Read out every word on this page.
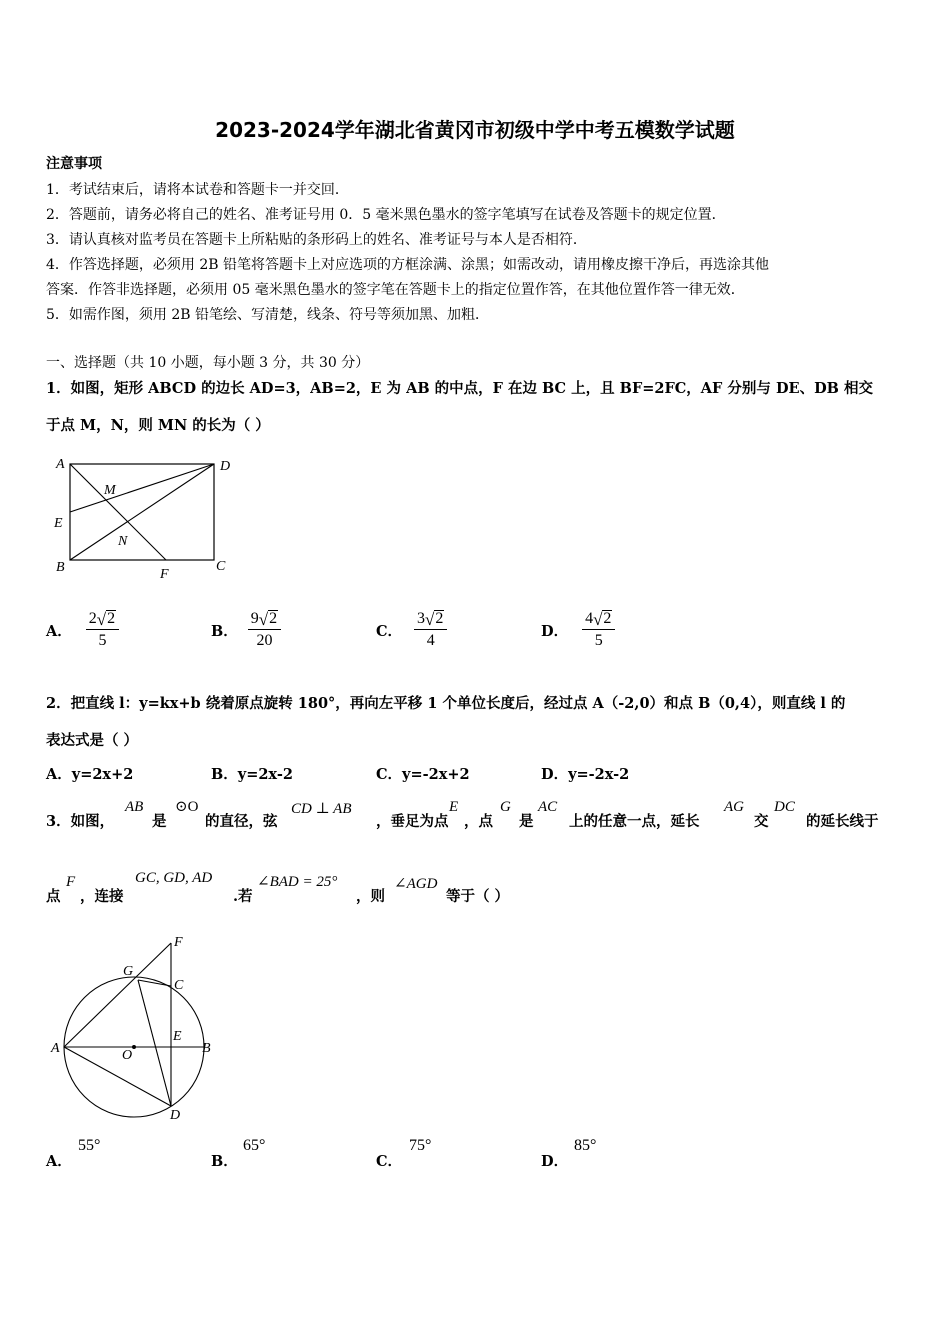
2023-2024学年湖北省黄冈市初级中学中考五模数学试题
注意事项
1．考试结束后，请将本试卷和答题卡一并交回．
2．答题前，请务必将自己的姓名、准考证号用 0．5 毫米黑色墨水的签字笔填写在试卷及答题卡的规定位置．
3．请认真核对监考员在答题卡上所粘贴的条形码上的姓名、准考证号与本人是否相符．
4．作答选择题，必须用 2B 铅笔将答题卡上对应选项的方框涂满、涂黑；如需改动，请用橡皮擦干净后，再选涂其他
答案．作答非选择题，必须用 05 毫米黑色墨水的签字笔在答题卡上的指定位置作答，在其他位置作答一律无效．
5．如需作图，须用 2B 铅笔绘、写清楚，线条、符号等须加黑、加粗．
一、选择题（共 10 小题，每小题 3 分，共 30 分）
1．如图，矩形 ABCD 的边长 AD=3，AB=2，E 为 AB 的中点，F 在边 BC 上，且 BF=2FC，AF 分别与 DE、DB 相交
于点 M，N，则 MN 的长为（ ）
A	D
M
E
N
B	F
C
A． $\frac{2 √ 2}{5}$	B． $\frac{9 √ 2}{20}$	C． $\frac{3 √ 2}{4}$	D． $\frac{4 √ 2}{5}$
2．把直线 l：y=kx+b 绕着原点旋转 180°，再向左平移 1 个单位长度后，经过点 A（-2,0）和点 B（0,4），则直线 l 的
表达式是（ ）
A．y=2x+2	B．y=2x-2	C．y=-2x+2	D．y=-2x-2
3．如图，
AB
是
⊙O
的直径，弦
CD ⊥ AB
，垂足为点
E
，点
G
是
AC
上的任意一点，延长
AG
交
DC
的延长线于
点
F
，连接
GC, GD, AD
.若
∠BAD = 25°
，则
∠AGD
等于（ ）
F
G
C
A	O
E
B
D
A．
55°
B．
65°
C．
75°
D．
85°
